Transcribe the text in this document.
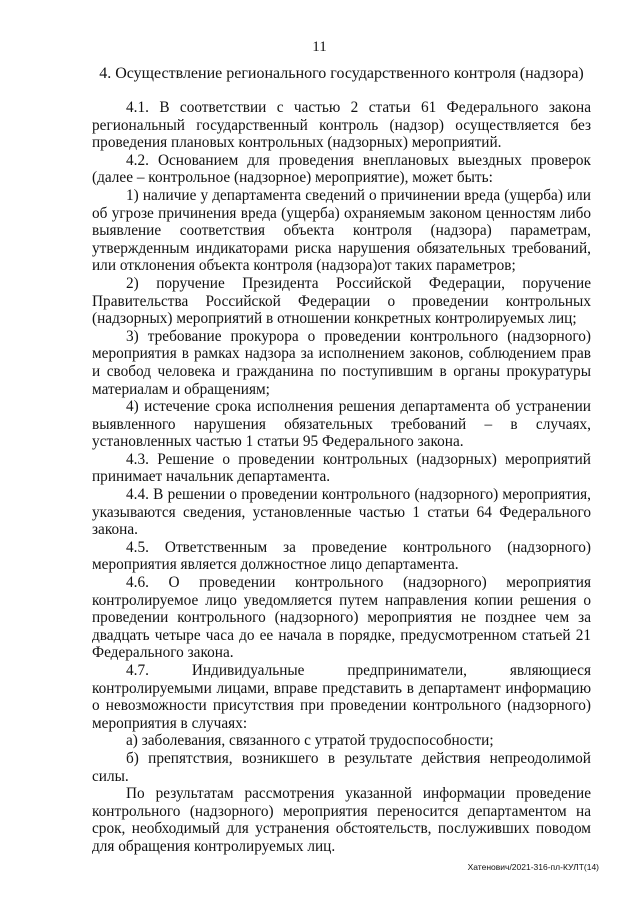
11
4. Осуществление регионального государственного контроля (надзора)

4.1. В соответствии с частью 2 статьи 61 Федерального закона региональный государственный контроль (надзор) осуществляется без проведения плановых контрольных (надзорных) мероприятий.

4.2. Основанием для проведения внеплановых выездных проверок (далее – контрольное (надзорное) мероприятие), может быть:

1) наличие у департамента сведений о причинении вреда (ущерба) или об угрозе причинения вреда (ущерба) охраняемым законом ценностям либо выявление соответствия объекта контроля (надзора) параметрам, утвержденным индикаторами риска нарушения обязательных требований, или отклонения объекта контроля (надзора)от таких параметров;

2) поручение Президента Российской Федерации, поручение Правительства Российской Федерации о проведении контрольных (надзорных) мероприятий в отношении конкретных контролируемых лиц;

3) требование прокурора о проведении контрольного (надзорного) мероприятия в рамках надзора за исполнением законов, соблюдением прав и свобод человека и гражданина по поступившим в органы прокуратуры материалам и обращениям;

4) истечение срока исполнения решения департамента об устранении выявленного нарушения обязательных требований – в случаях, установленных частью 1 статьи 95 Федерального закона.

4.3. Решение о проведении контрольных (надзорных) мероприятий принимает начальник департамента.

4.4. В решении о проведении контрольного (надзорного) мероприятия, указываются сведения, установленные частью 1 статьи 64 Федерального закона.

4.5. Ответственным за проведение контрольного (надзорного) мероприятия является должностное лицо департамента.

4.6. О проведении контрольного (надзорного) мероприятия контролируемое лицо уведомляется путем направления копии решения о проведении контрольного (надзорного) мероприятия не позднее чем за двадцать четыре часа до ее начала в порядке, предусмотренном статьей 21 Федерального закона.

4.7. Индивидуальные предприниматели, являющиеся контролируемыми лицами, вправе представить в департамент информацию о невозможности присутствия при проведении контрольного (надзорного) мероприятия в случаях:

а) заболевания, связанного с утратой трудоспособности;

б) препятствия, возникшего в результате действия непреодолимой силы.

По результатам рассмотрения указанной информации проведение контрольного (надзорного) мероприятия переносится департаментом на срок, необходимый для устранения обстоятельств, послуживших поводом для обращения контролируемых лиц.

Хатенович/2021-316-пл-КУЛТ(14)
